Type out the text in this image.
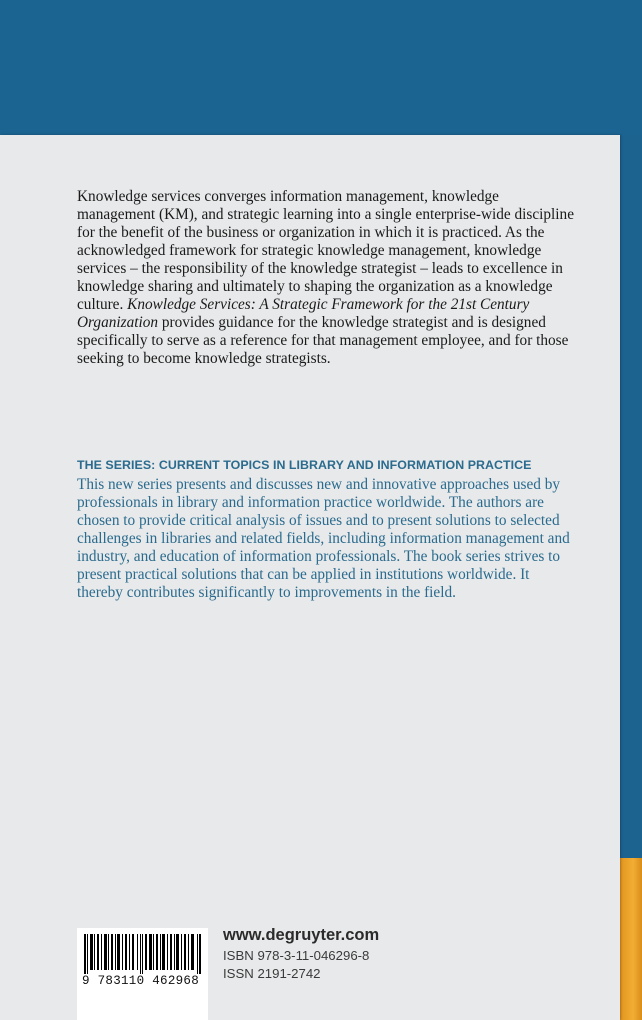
Knowledge services converges information management, knowledge management (KM), and strategic learning into a single enterprise-wide discipline for the benefit of the business or organization in which it is practiced. As the acknowledged framework for strategic knowledge management, knowledge services – the responsibility of the knowledge strategist – leads to excellence in knowledge sharing and ultimately to shaping the organization as a knowledge culture. Knowledge Services: A Strategic Framework for the 21st Century Organization provides guidance for the knowledge strategist and is designed specifically to serve as a reference for that management employee, and for those seeking to become knowledge strategists.

THE SERIES: CURRENT TOPICS IN LIBRARY AND INFORMATION PRACTICE

This new series presents and discusses new and innovative approaches used by professionals in library and information practice worldwide. The authors are chosen to provide critical analysis of issues and to present solutions to selected challenges in libraries and related fields, including information management and industry, and education of information professionals. The book series strives to present practical solutions that can be applied in institutions worldwide. It thereby contributes significantly to improvements in the field.

9 783110 462968

www.degruyter.com

ISBN 978-3-11-046296-8

ISSN 2191-2742
